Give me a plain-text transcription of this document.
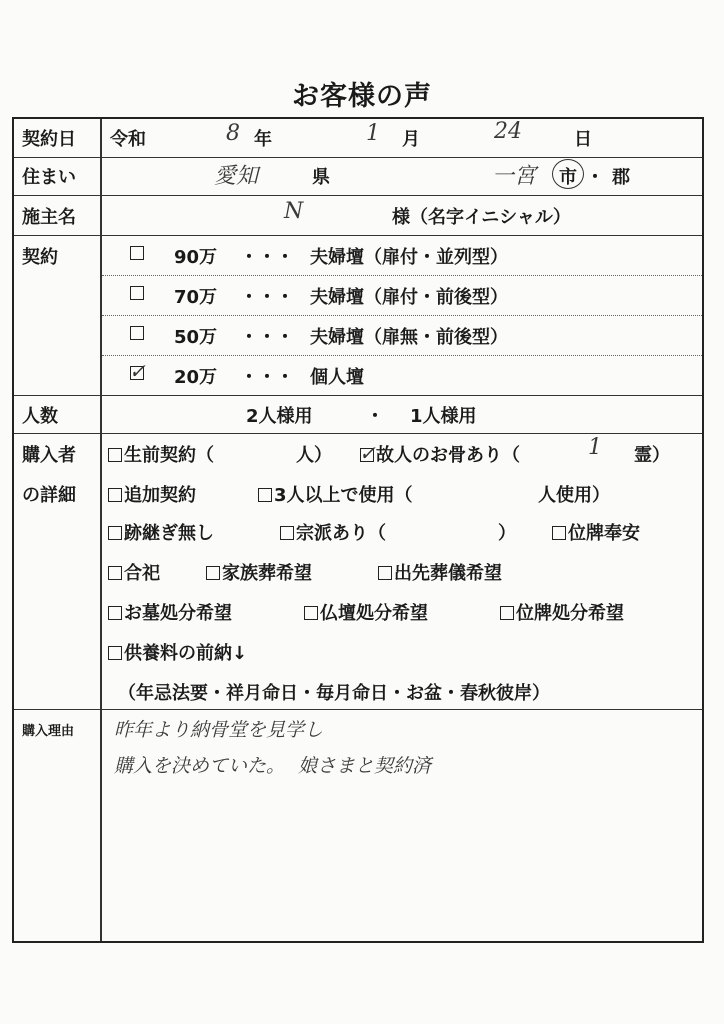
お客様の声
契約日 令和	8 年	1 月	24	日
住まい	愛知	県	一宮 市 ・ 郡
施主名	N	様（名字イニシャル）
契約	90万 ・・・ 夫婦壇（扉付・並列型）
70万 ・・・ 夫婦壇（扉付・前後型）
50万 ・・・ 夫婦壇（扉無・前後型）
✓ 20万 ・・・ 個人壇
人数	2人様用	・ 1人様用
購入者
の詳細
生前契約（	人） ✓ 故人のお骨あり（	1 霊）
追加契約	3人以上で使用（	人使用）
跡継ぎ無し	宗派あり（	）	位牌奉安
合祀	家族葬希望	出先葬儀希望
お墓処分希望	仏壇処分希望	位牌処分希望
供養料の前納↓
（年忌法要・祥月命日・毎月命日・お盆・春秋彼岸）
購入理由 昨年より納骨堂を見学し
購入を決めていた。 娘さまと契約済
